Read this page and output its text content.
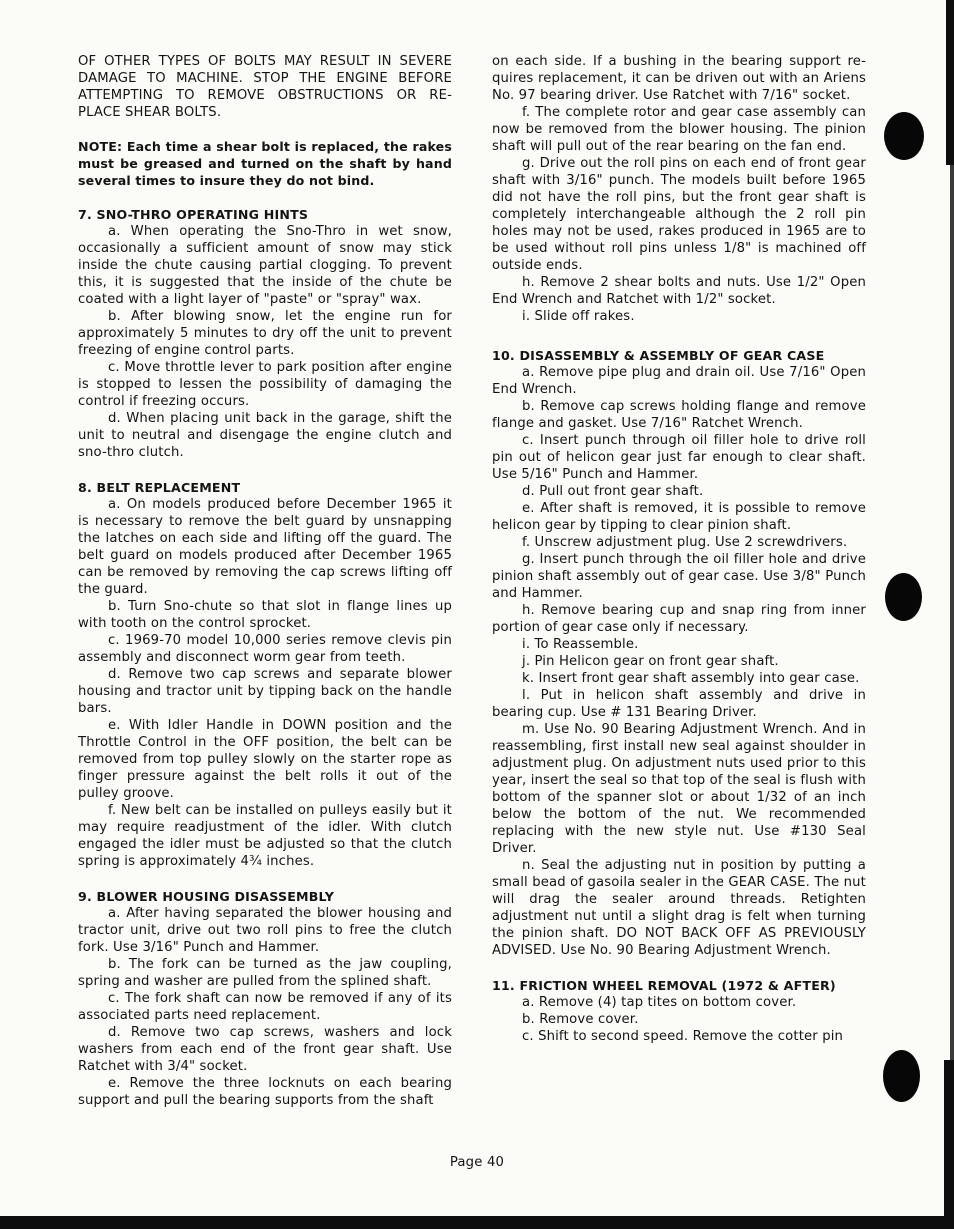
OF OTHER TYPES OF BOLTS MAY RESULT IN SEVERE DAMAGE TO MACHINE. STOP THE ENGINE BEFORE ATTEMPTING TO REMOVE OBSTRUCTIONS OR RE-PLACE SHEAR BOLTS.

NOTE: Each time a shear bolt is replaced, the rakes must be greased and turned on the shaft by hand several times to insure they do not bind.

7. SNO-THRO OPERATING HINTS

a. When operating the Sno-Thro in wet snow, occasionally a sufficient amount of snow may stick inside the chute causing partial clogging. To prevent this, it is suggested that the inside of the chute be coated with a light layer of "paste" or "spray" wax.

b. After blowing snow, let the engine run for approximately 5 minutes to dry off the unit to prevent freezing of engine control parts.

c. Move throttle lever to park position after engine is stopped to lessen the possibility of damaging the control if freezing occurs.

d. When placing unit back in the garage, shift the unit to neutral and disengage the engine clutch and sno-thro clutch.

8. BELT REPLACEMENT

a. On models produced before December 1965 it is necessary to remove the belt guard by unsnapping the latches on each side and lifting off the guard. The belt guard on models produced after December 1965 can be removed by removing the cap screws lifting off the guard.

b. Turn Sno-chute so that slot in flange lines up with tooth on the control sprocket.

c. 1969-70 model 10,000 series remove clevis pin assembly and disconnect worm gear from teeth.

d. Remove two cap screws and separate blower housing and tractor unit by tipping back on the handle bars.

e. With Idler Handle in DOWN position and the Throttle Control in the OFF position, the belt can be removed from top pulley slowly on the starter rope as finger pressure against the belt rolls it out of the pulley groove.

f. New belt can be installed on pulleys easily but it may require readjustment of the idler. With clutch engaged the idler must be adjusted so that the clutch spring is approximately 4¾ inches.

9. BLOWER HOUSING DISASSEMBLY

a. After having separated the blower housing and tractor unit, drive out two roll pins to free the clutch fork. Use 3/16" Punch and Hammer.

b. The fork can be turned as the jaw coupling, spring and washer are pulled from the splined shaft.

c. The fork shaft can now be removed if any of its associated parts need replacement.

d. Remove two cap screws, washers and lock washers from each end of the front gear shaft. Use Ratchet with 3/4" socket.

e. Remove the three locknuts on each bearing support and pull the bearing supports from the shaft

on each side. If a bushing in the bearing support re-quires replacement, it can be driven out with an Ariens No. 97 bearing driver. Use Ratchet with 7/16" socket.

f. The complete rotor and gear case assembly can now be removed from the blower housing. The pinion shaft will pull out of the rear bearing on the fan end.

g. Drive out the roll pins on each end of front gear shaft with 3/16" punch. The models built before 1965 did not have the roll pins, but the front gear shaft is completely interchangeable although the 2 roll pin holes may not be used, rakes produced in 1965 are to be used without roll pins unless 1/8" is machined off outside ends.

h. Remove 2 shear bolts and nuts. Use 1/2" Open End Wrench and Ratchet with 1/2" socket.

i. Slide off rakes.

10. DISASSEMBLY & ASSEMBLY OF GEAR CASE

a. Remove pipe plug and drain oil. Use 7/16" Open End Wrench.

b. Remove cap screws holding flange and remove flange and gasket. Use 7/16" Ratchet Wrench.

c. Insert punch through oil filler hole to drive roll pin out of helicon gear just far enough to clear shaft. Use 5/16" Punch and Hammer.

d. Pull out front gear shaft.

e. After shaft is removed, it is possible to remove helicon gear by tipping to clear pinion shaft.

f. Unscrew adjustment plug. Use 2 screwdrivers.

g. Insert punch through the oil filler hole and drive pinion shaft assembly out of gear case. Use 3/8" Punch and Hammer.

h. Remove bearing cup and snap ring from inner portion of gear case only if necessary.

i. To Reassemble.

j. Pin Helicon gear on front gear shaft.

k. Insert front gear shaft assembly into gear case.

l. Put in helicon shaft assembly and drive in bearing cup. Use # 131 Bearing Driver.

m. Use No. 90 Bearing Adjustment Wrench. And in reassembling, first install new seal against shoulder in adjustment plug. On adjustment nuts used prior to this year, insert the seal so that top of the seal is flush with bottom of the spanner slot or about 1/32 of an inch below the bottom of the nut. We recommended replacing with the new style nut. Use #130 Seal Driver.

n. Seal the adjusting nut in position by putting a small bead of gasoila sealer in the GEAR CASE. The nut will drag the sealer around threads. Retighten adjustment nut until a slight drag is felt when turning the pinion shaft. DO NOT BACK OFF AS PREVIOUSLY ADVISED. Use No. 90 Bearing Adjustment Wrench.

11. FRICTION WHEEL REMOVAL (1972 & AFTER)

a. Remove (4) tap tites on bottom cover.

b. Remove cover.

c. Shift to second speed. Remove the cotter pin

Page 40
